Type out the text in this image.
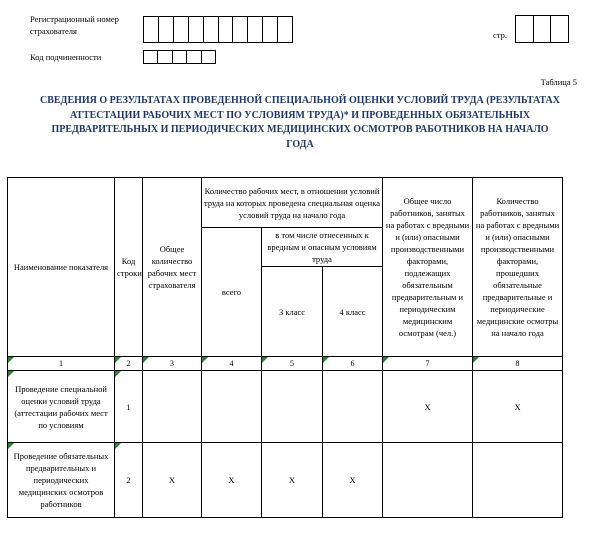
Регистрационный номер страхователя	стр.
Код подчиненности
Таблица 5
СВЕДЕНИЯ О РЕЗУЛЬТАТАХ ПРОВЕДЕННОЙ СПЕЦИАЛЬНОЙ ОЦЕНКИ УСЛОВИЙ ТРУДА (РЕЗУЛЬТАТАХ АТТЕСТАЦИИ РАБОЧИХ МЕСТ ПО УСЛОВИЯМ ТРУДА)* И ПРОВЕДЕННЫХ ОБЯЗАТЕЛЬНЫХ ПРЕДВАРИТЕЛЬНЫХ И ПЕРИОДИЧЕСКИХ МЕДИЦИНСКИХ ОСМОТРОВ РАБОТНИКОВ НА НАЧАЛО ГОДА
Наименование показателя	Код строки	Общее количество рабочих мест страхователя	Количество рабочих мест, в отношении условий труда на которых проведена специальная оценка условий труда на начало года			Общее число работников, занятых на работах с вредными и (или) опасными производственными факторами, подлежащих обязательным предварительным и периодическим медицинским осмотрам (чел.)	Количество работников, занятых на работах с вредными и (или) опасными производственными факторами, прошедших обязательные предварительные и периодические медицинские осмотры на начало года
			всего	в том числе отнесенных к вредным и опасным условиям труда			
				3 класс	4 класс		

1	2	3	4	5	6	7	8

Проведение специальной оценки условий труда (аттестации рабочих мест по условиям	1					X	X

Проведение обязательных предварительных и периодических медицинских осмотров работников	2	X	X	X	X		
